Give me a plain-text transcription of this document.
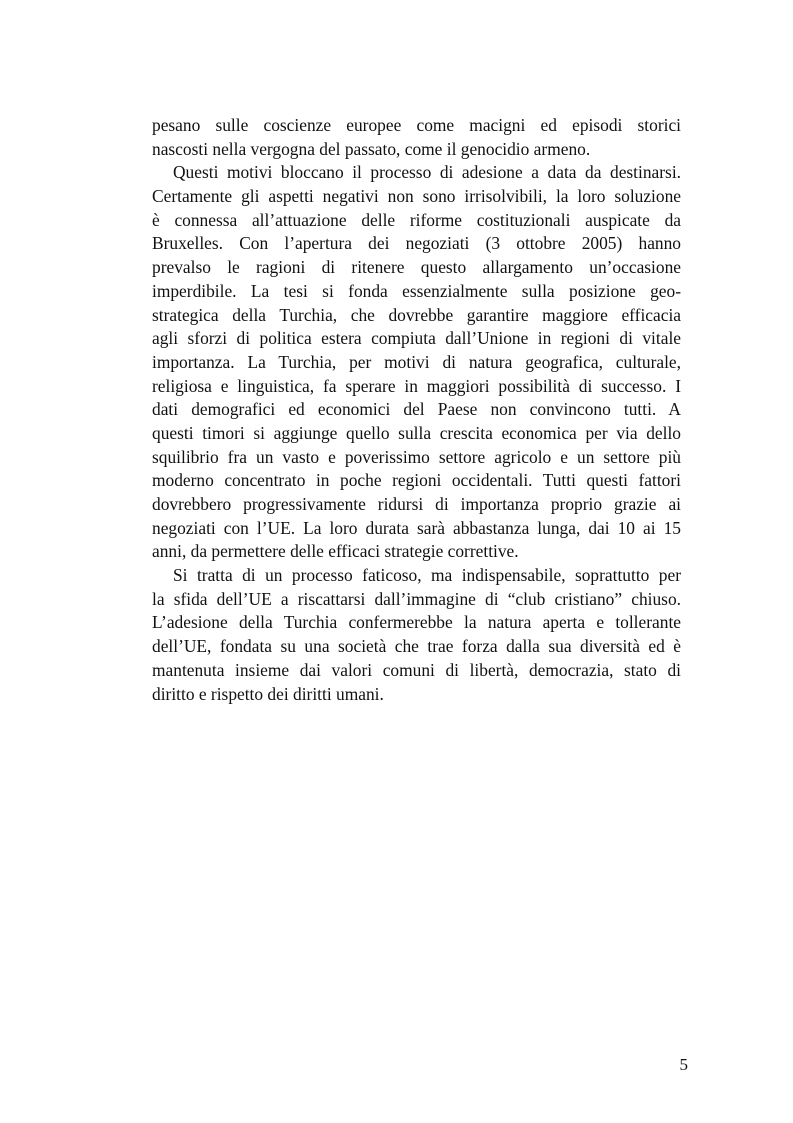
pesano sulle coscienze europee come macigni ed episodi storici
nascosti nella vergogna del passato, come il genocidio armeno.

Questi motivi bloccano il processo di adesione a data da destinarsi.
Certamente gli aspetti negativi non sono irrisolvibili, la loro soluzione
è connessa all’attuazione delle riforme costituzionali auspicate da
Bruxelles. Con l’apertura dei negoziati (3 ottobre 2005) hanno
prevalso le ragioni di ritenere questo allargamento un’occasione
imperdibile. La tesi si fonda essenzialmente sulla posizione geo-
strategica della Turchia, che dovrebbe garantire maggiore efficacia
agli sforzi di politica estera compiuta dall’Unione in regioni di vitale
importanza. La Turchia, per motivi di natura geografica, culturale,
religiosa e linguistica, fa sperare in maggiori possibilità di successo. I
dati demografici ed economici del Paese non convincono tutti. A
questi timori si aggiunge quello sulla crescita economica per via dello
squilibrio fra un vasto e poverissimo settore agricolo e un settore più
moderno concentrato in poche regioni occidentali. Tutti questi fattori
dovrebbero progressivamente ridursi di importanza proprio grazie ai
negoziati con l’UE. La loro durata sarà abbastanza lunga, dai 10 ai 15
anni, da permettere delle efficaci strategie correttive.

Si tratta di un processo faticoso, ma indispensabile, soprattutto per
la sfida dell’UE a riscattarsi dall’immagine di “club cristiano” chiuso.
L’adesione della Turchia confermerebbe la natura aperta e tollerante
dell’UE, fondata su una società che trae forza dalla sua diversità ed è
mantenuta insieme dai valori comuni di libertà, democrazia, stato di
diritto e rispetto dei diritti umani.

5
